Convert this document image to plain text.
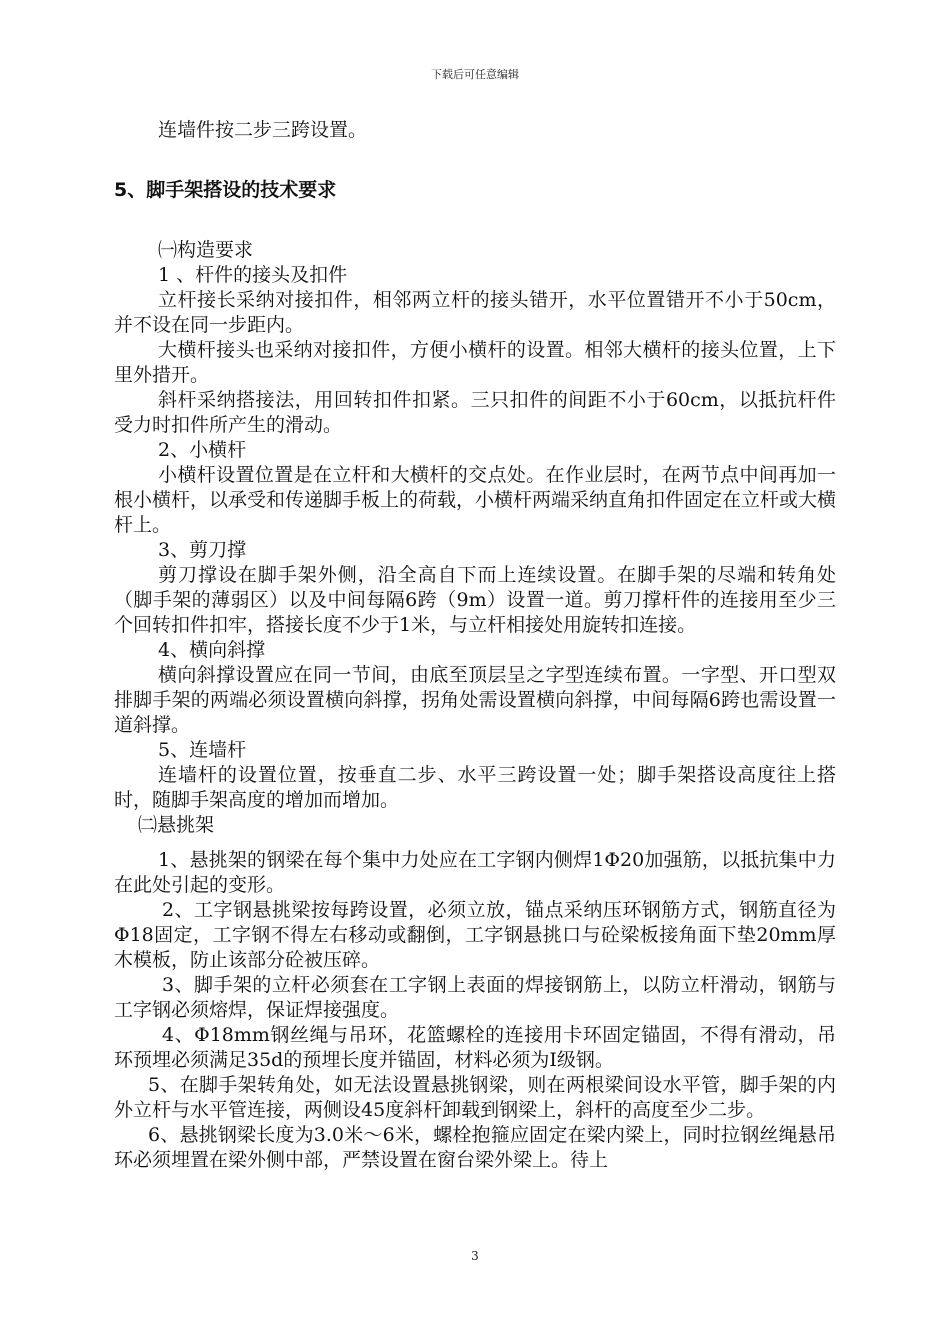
下载后可任意编辑

连墙件按二步三跨设置。

5、脚手架搭设的技术要求

㈠构造要求

1 、杆件的接头及扣件

立杆接长采纳对接扣件，相邻两立杆的接头错开，水平位置错开不小于50cm，并不设在同一步距内。

大横杆接头也采纳对接扣件，方便小横杆的设置。相邻大横杆的接头位置，上下里外措开。

斜杆采纳搭接法，用回转扣件扣紧。三只扣件的间距不小于60cm，以抵抗杆件受力时扣件所产生的滑动。

2、小横杆

小横杆设置位置是在立杆和大横杆的交点处。在作业层时，在两节点中间再加一根小横杆，以承受和传递脚手板上的荷载，小横杆两端采纳直角扣件固定在立杆或大横杆上。

3、剪刀撑

剪刀撑设在脚手架外侧，沿全高自下而上连续设置。在脚手架的尽端和转角处（脚手架的薄弱区）以及中间每隔6跨（9m）设置一道。剪刀撑杆件的连接用至少三个回转扣件扣牢，搭接长度不少于1米，与立杆相接处用旋转扣连接。

4、横向斜撑

横向斜撑设置应在同一节间，由底至顶层呈之字型连续布置。一字型、开口型双排脚手架的两端必须设置横向斜撑，拐角处需设置横向斜撑，中间每隔6跨也需设置一道斜撑。

5、连墙杆

连墙杆的设置位置，按垂直二步、水平三跨设置一处；脚手架搭设高度往上搭时，随脚手架高度的增加而增加。

㈡悬挑架

1、悬挑架的钢梁在每个集中力处应在工字钢内侧焊1Φ20加强筋，以抵抗集中力在此处引起的变形。

2、工字钢悬挑梁按每跨设置，必须立放，锚点采纳压环钢筋方式，钢筋直径为Φ18固定，工字钢不得左右移动或翻倒，工字钢悬挑口与砼梁板接角面下垫20mm厚木模板，防止该部分砼被压碎。

3、脚手架的立杆必须套在工字钢上表面的焊接钢筋上，以防立杆滑动，钢筋与工字钢必须熔焊，保证焊接强度。

4、Φ18mm钢丝绳与吊环，花篮螺栓的连接用卡环固定锚固，不得有滑动，吊环预埋必须满足35d的预埋长度并锚固，材料必须为Ⅰ级钢。

5、在脚手架转角处，如无法设置悬挑钢梁，则在两根梁间设水平管，脚手架的内外立杆与水平管连接，两侧设45度斜杆卸载到钢梁上，斜杆的高度至少二步。

6、悬挑钢梁长度为3.0米～6米，螺栓抱箍应固定在梁内梁上，同时拉钢丝绳悬吊环必须埋置在梁外侧中部，严禁设置在窗台梁外梁上。待上

3
